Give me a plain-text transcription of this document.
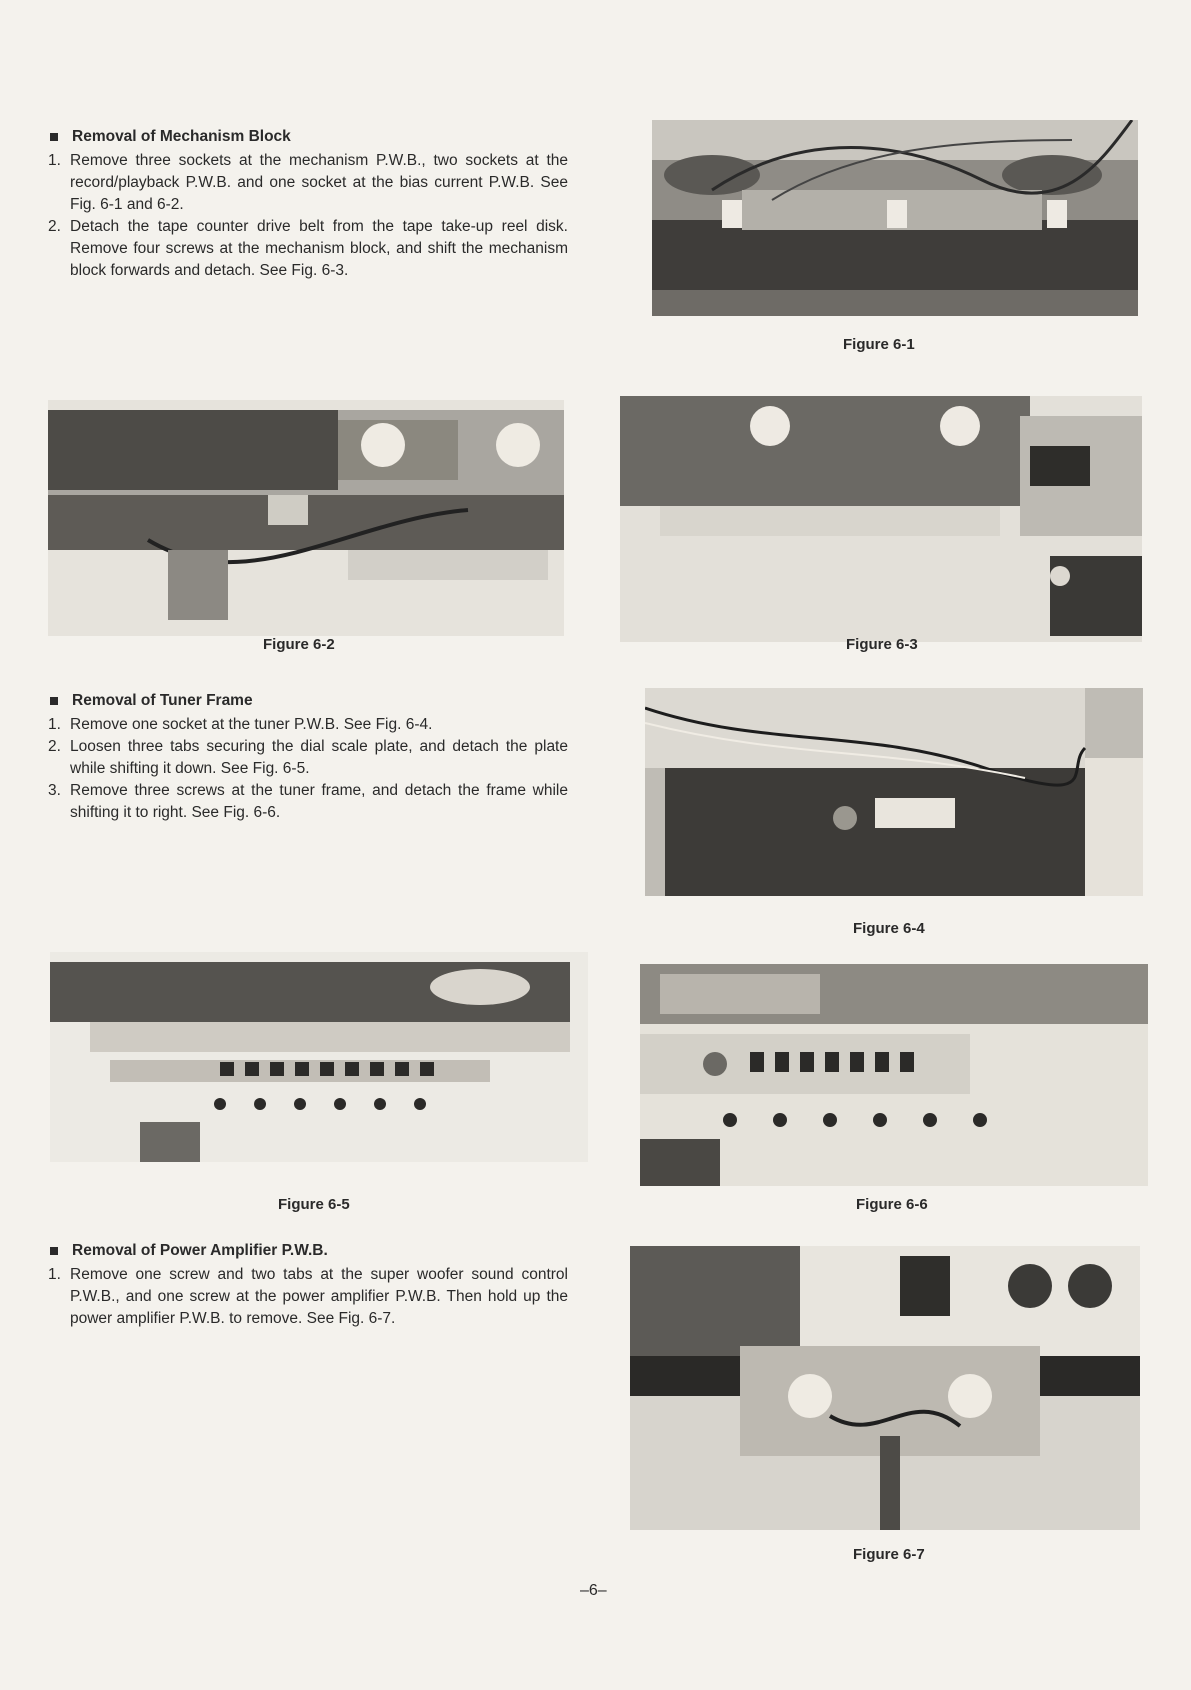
Removal of Mechanism Block
1. Remove three sockets at the mechanism P.W.B., two sockets at the record/playback P.W.B. and one socket at the bias current P.W.B. See Fig. 6-1 and 6-2.
2. Detach the tape counter drive belt from the tape take-up reel disk. Remove four screws at the mechanism block, and shift the mechanism block forwards and detach. See Fig. 6-3.
Removal of Tuner Frame
1. Remove one socket at the tuner P.W.B. See Fig. 6-4.
2. Loosen three tabs securing the dial scale plate, and detach the plate while shifting it down. See Fig. 6-5.
3. Remove three screws at the tuner frame, and detach the frame while shifting it to right. See Fig. 6-6.
Removal of Power Amplifier P.W.B.
1. Remove one screw and two tabs at the super woofer sound control P.W.B., and one screw at the power amplifier P.W.B. Then hold up the power amplifier P.W.B. to remove. See Fig. 6-7.
Figure 6-1
Figure 6-2	Figure 6-3
Figure 6-4
Figure 6-5	Figure 6-6
Figure 6-7
–6–
